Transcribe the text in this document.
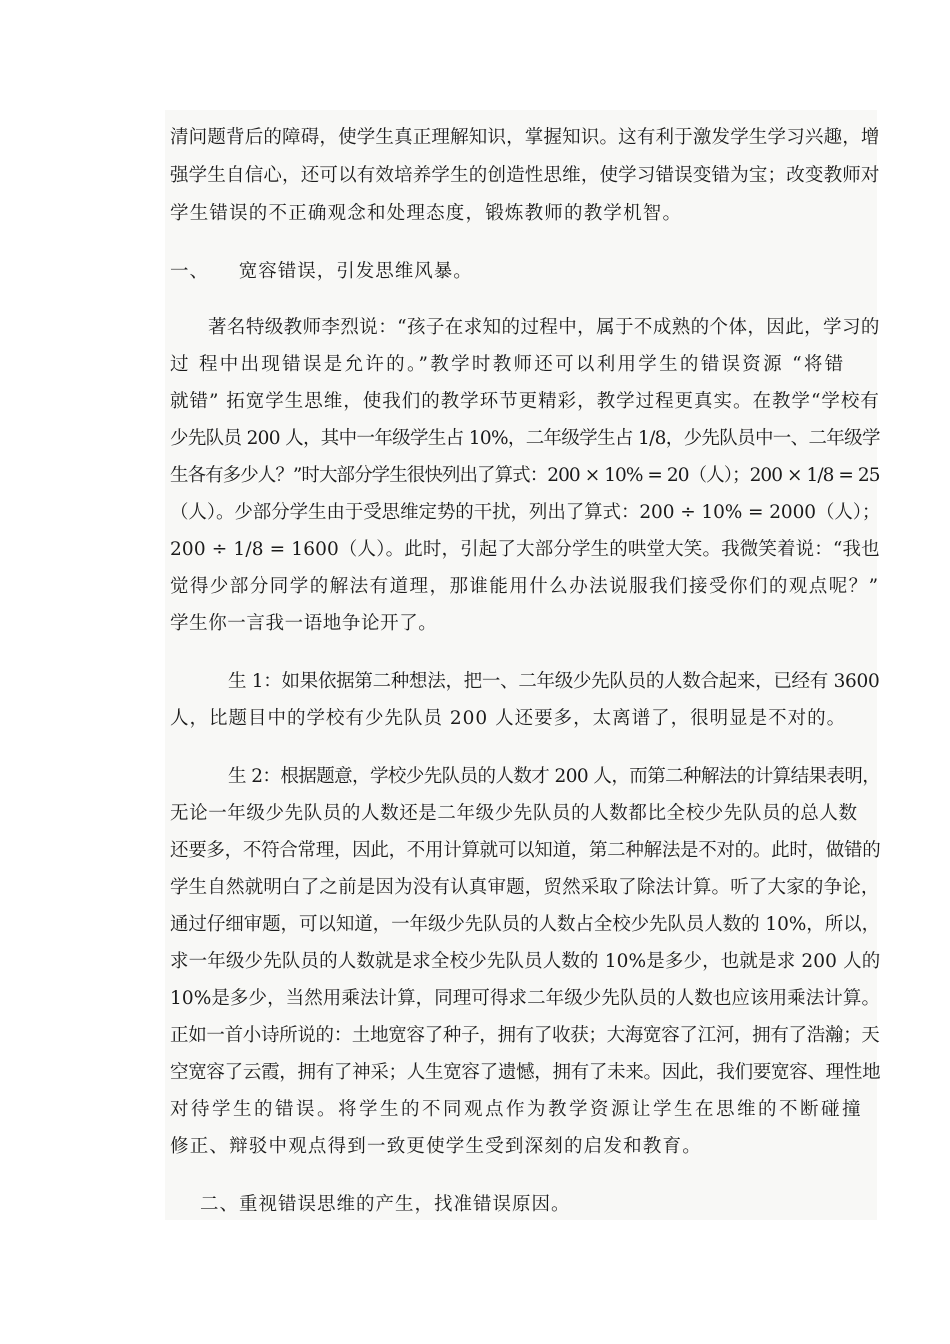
清问题背后的障碍，使学生真正理解知识，掌握知识。这有利于激发学生学习兴趣，增
强学生自信心，还可以有效培养学生的创造性思维，使学习错误变错为宝；改变教师对
学生错误的不正确观念和处理态度，锻炼教师的教学机智。
一、　　宽容错误，引发思维风暴。
著名特级教师李烈说：“孩子在求知的过程中，属于不成熟的个体，因此，学习的
过 程中出现错误是允许的。”教学时教师还可以利用学生的错误资源 “将错
就错” 拓宽学生思维，使我们的教学环节更精彩，教学过程更真实。在教学“学校有
少先队员 200 人，其中一年级学生占 10%，二年级学生占 1/8，少先队员中一、二年级学
生各有多少人？”时大部分学生很快列出了算式：200 × 10% = 20（人）；200 × 1/8 = 25
（人）。少部分学生由于受思维定势的干扰，列出了算式：200 ÷ 10% = 2000（人）；
200 ÷ 1/8 = 1600（人）。此时，引起了大部分学生的哄堂大笑。我微笑着说：“我也
觉得少部分同学的解法有道理，那谁能用什么办法说服我们接受你们的观点呢？”
学生你一言我一语地争论开了。
生 1：如果依据第二种想法，把一、二年级少先队员的人数合起来，已经有 3600
人，比题目中的学校有少先队员 200 人还要多，太离谱了，很明显是不对的。
生 2：根据题意，学校少先队员的人数才 200 人，而第二种解法的计算结果表明，
无论一年级少先队员的人数还是二年级少先队员的人数都比全校少先队员的总人数
还要多，不符合常理，因此，不用计算就可以知道，第二种解法是不对的。此时，做错的
学生自然就明白了之前是因为没有认真审题，贸然采取了除法计算。听了大家的争论，
通过仔细审题，可以知道，一年级少先队员的人数占全校少先队员人数的 10%，所以，
求一年级少先队员的人数就是求全校少先队员人数的 10%是多少，也就是求 200 人的
10%是多少，当然用乘法计算，同理可得求二年级少先队员的人数也应该用乘法计算。
正如一首小诗所说的：土地宽容了种子，拥有了收获；大海宽容了江河，拥有了浩瀚；天
空宽容了云霞，拥有了神采；人生宽容了遗憾，拥有了未来。因此，我们要宽容、理性地
对待学生的错误。将学生的不同观点作为教学资源让学生在思维的不断碰撞
修正、辩驳中观点得到一致更使学生受到深刻的启发和教育。
二、重视错误思维的产生，找准错误原因。
